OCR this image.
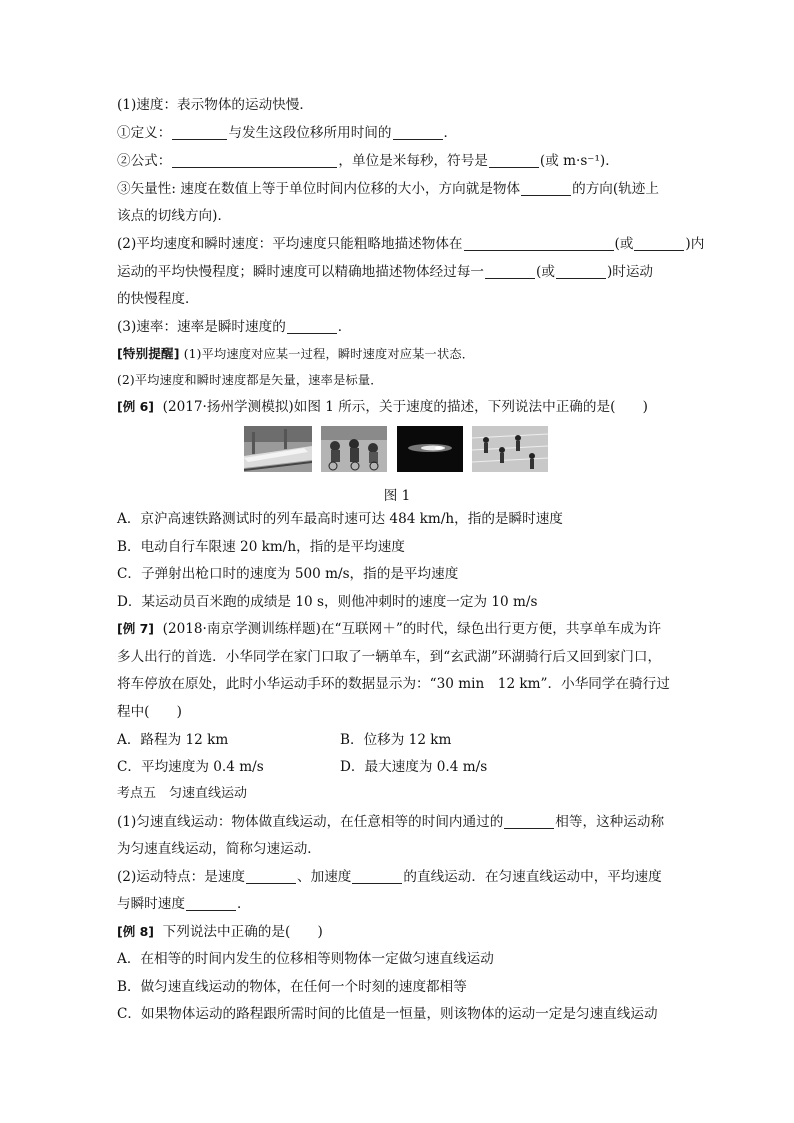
(1)速度：表示物体的运动快慢．
①定义：	与发生这段位移所用时间的	．
②公式：	，单位是米每秒，符号是	(或 m·s⁻¹)．
③矢量性: 速度在数值上等于单位时间内位移的大小，方向就是物体	的方向(轨迹上
该点的切线方向)．
(2)平均速度和瞬时速度：平均速度只能粗略地描述物体在	(或	)内
运动的平均快慢程度；瞬时速度可以精确地描述物体经过每一	(或	)时运动
的快慢程度．
(3)速率：速率是瞬时速度的	．
[特别提醒] (1)平均速度对应某一过程，瞬时速度对应某一状态．
(2)平均速度和瞬时速度都是矢量，速率是标量．
[例 6] (2017·扬州学测模拟)如图 1 所示，关于速度的描述，下列说法中正确的是(　　)
图 1
A．京沪高速铁路测试时的列车最高时速可达 484 km/h，指的是瞬时速度
B．电动自行车限速 20 km/h，指的是平均速度
C．子弹射出枪口时的速度为 500 m/s，指的是平均速度
D．某运动员百米跑的成绩是 10 s，则他冲刺时的速度一定为 10 m/s
[例 7] (2018·南京学测训练样题)在“互联网＋”的时代，绿色出行更方便，共享单车成为许
多人出行的首选．小华同学在家门口取了一辆单车，到“玄武湖”环湖骑行后又回到家门口，
将车停放在原处，此时小华运动手环的数据显示为：“30 min　12 km”．小华同学在骑行过
程中(　　)
A．路程为 12 km	B．位移为 12 km
C．平均速度为 0.4 m/s	D．最大速度为 0.4 m/s
考点五　匀速直线运动
(1)匀速直线运动：物体做直线运动，在任意相等的时间内通过的	相等，这种运动称
为匀速直线运动，简称匀速运动．
(2)运动特点：是速度	、加速度	的直线运动．在匀速直线运动中，平均速度
与瞬时速度	．
[例 8] 下列说法中正确的是(　　)
A．在相等的时间内发生的位移相等则物体一定做匀速直线运动
B．做匀速直线运动的物体，在任何一个时刻的速度都相等
C．如果物体运动的路程跟所需时间的比值是一恒量，则该物体的运动一定是匀速直线运动
